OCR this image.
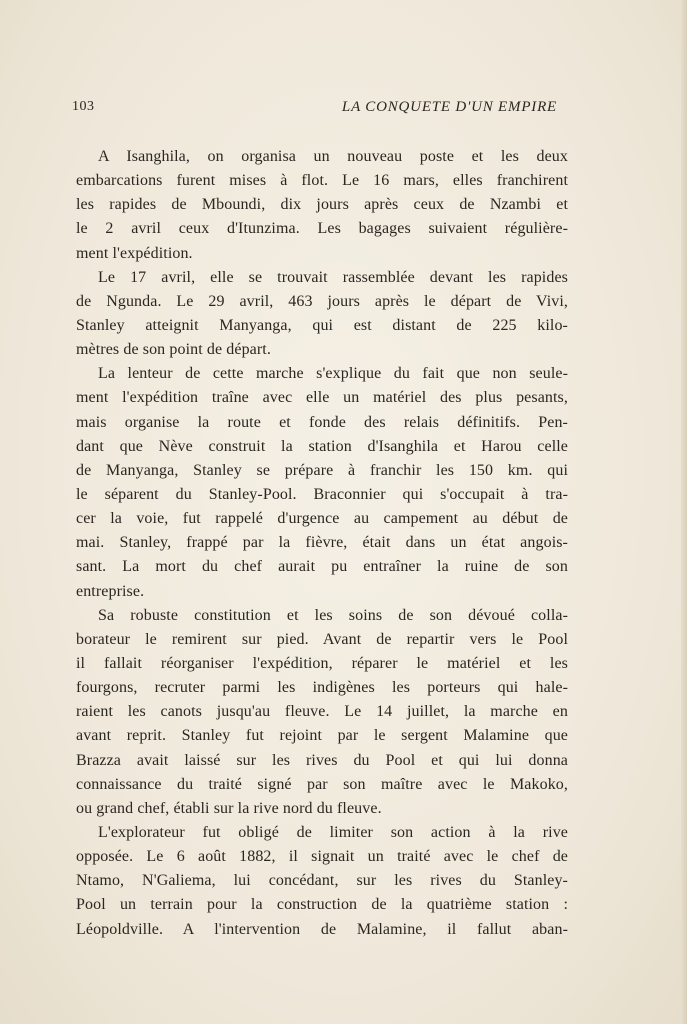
103	LA CONQUETE D'UN EMPIRE
A Isanghila, on organisa un nouveau poste et les deux
embarcations furent mises à flot. Le 16 mars, elles franchirent
les rapides de Mboundi, dix jours après ceux de Nzambi et
le 2 avril ceux d'Itunzima. Les bagages suivaient régulière-
ment l'expédition.
Le 17 avril, elle se trouvait rassemblée devant les rapides
de Ngunda. Le 29 avril, 463 jours après le départ de Vivi,
Stanley atteignit Manyanga, qui est distant de 225 kilo-
mètres de son point de départ.
La lenteur de cette marche s'explique du fait que non seule-
ment l'expédition traîne avec elle un matériel des plus pesants,
mais organise la route et fonde des relais définitifs. Pen-
dant que Nève construit la station d'Isanghila et Harou celle
de Manyanga, Stanley se prépare à franchir les 150 km. qui
le séparent du Stanley-Pool. Braconnier qui s'occupait à tra-
cer la voie, fut rappelé d'urgence au campement au début de
mai. Stanley, frappé par la fièvre, était dans un état angois-
sant. La mort du chef aurait pu entraîner la ruine de son
entreprise.
Sa robuste constitution et les soins de son dévoué colla-
borateur le remirent sur pied. Avant de repartir vers le Pool
il fallait réorganiser l'expédition, réparer le matériel et les
fourgons, recruter parmi les indigènes les porteurs qui hale-
raient les canots jusqu'au fleuve. Le 14 juillet, la marche en
avant reprit. Stanley fut rejoint par le sergent Malamine que
Brazza avait laissé sur les rives du Pool et qui lui donna
connaissance du traité signé par son maître avec le Makoko,
ou grand chef, établi sur la rive nord du fleuve.
L'explorateur fut obligé de limiter son action à la rive
opposée. Le 6 août 1882, il signait un traité avec le chef de
Ntamo, N'Galiema, lui concédant, sur les rives du Stanley-
Pool un terrain pour la construction de la quatrième station :
Léopoldville. A l'intervention de Malamine, il fallut aban-
